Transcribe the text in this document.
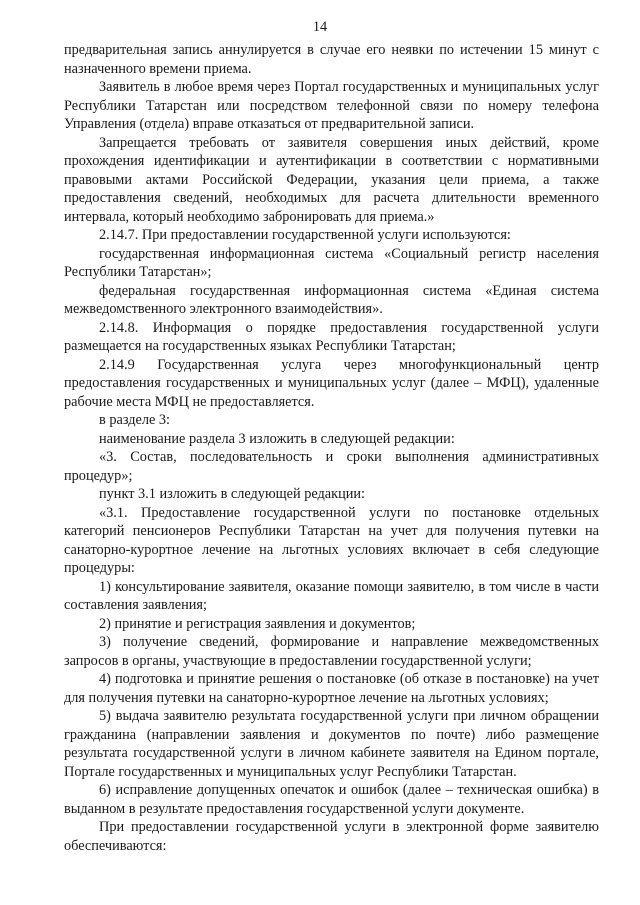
14

предварительная запись аннулируется в случае его неявки по истечении 15 минут с назначенного времени приема.

Заявитель в любое время через Портал государственных и муниципальных услуг Республики Татарстан или посредством телефонной связи по номеру телефона Управления (отдела) вправе отказаться от предварительной записи.

Запрещается требовать от заявителя совершения иных действий, кроме прохождения идентификации и аутентификации в соответствии с нормативными правовыми актами Российской Федерации, указания цели приема, а также предоставления сведений, необходимых для расчета длительности временного интервала, который необходимо забронировать для приема.»

2.14.7. При предоставлении государственной услуги используются:

государственная информационная система «Социальный регистр населения Республики Татарстан»;

федеральная государственная информационная система «Единая система межведомственного электронного взаимодействия».

2.14.8. Информация о порядке предоставления государственной услуги размещается на государственных языках Республики Татарстан;

2.14.9 Государственная услуга через многофункциональный центр предоставления государственных и муниципальных услуг (далее – МФЦ), удаленные рабочие места МФЦ не предоставляется.

в разделе 3:

наименование раздела 3 изложить в следующей редакции:

«3. Состав, последовательность и сроки выполнения административных процедур»;

пункт 3.1 изложить в следующей редакции:

«3.1. Предоставление государственной услуги по постановке отдельных категорий пенсионеров Республики Татарстан на учет для получения путевки на санаторно-курортное лечение на льготных условиях включает в себя следующие процедуры:

1) консультирование заявителя, оказание помощи заявителю, в том числе в части составления заявления;

2) принятие и регистрация заявления и документов;

3) получение сведений, формирование и направление межведомственных запросов в органы, участвующие в предоставлении государственной услуги;

4) подготовка и принятие решения о постановке (об отказе в постановке) на учет для получения путевки на санаторно-курортное лечение на льготных условиях;

5) выдача заявителю результата государственной услуги при личном обращении гражданина (направлении заявления и документов по почте) либо размещение результата государственной услуги в личном кабинете заявителя на Едином портале, Портале государственных и муниципальных услуг Республики Татарстан.

6) исправление допущенных опечаток и ошибок (далее – техническая ошибка) в выданном в результате предоставления государственной услуги документе.

При предоставлении государственной услуги в электронной форме заявителю обеспечиваются:
